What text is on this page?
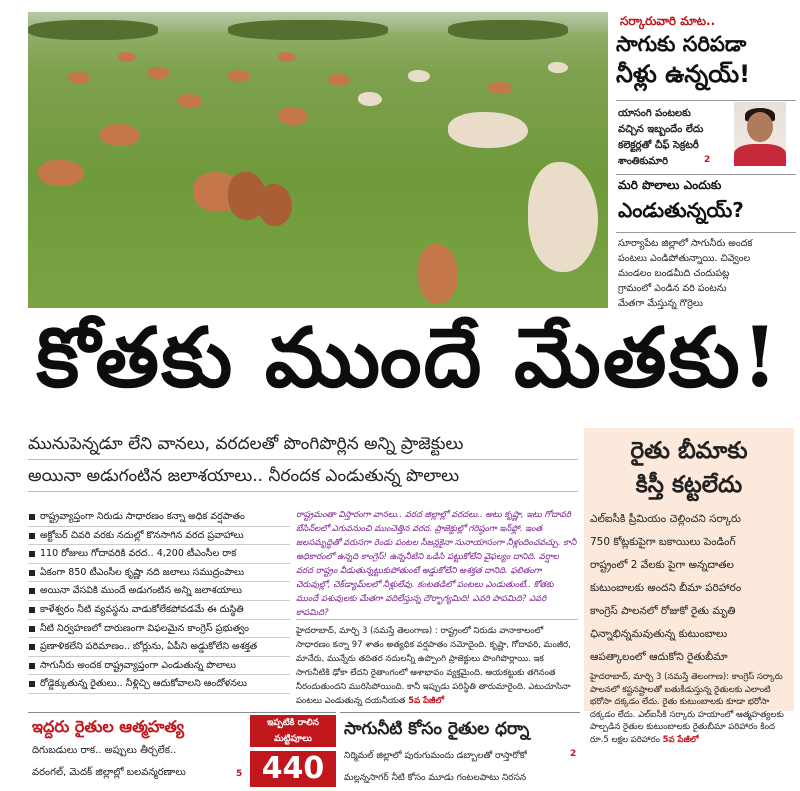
సర్కారువారి మాట..
సాగుకు సరిపడా
నీళ్లు ఉన్నయ్!
యాసంగి పంటలకు
వచ్చిన ఇబ్బందేం లేదు
కలెక్టర్లతో చీఫ్ సెక్రటరీ
శాంతికుమారి	2
మరి పొలాలు ఎందుకు
ఎండుతున్నయ్?
సూర్యాపేట జిల్లాలో సాగునీరు అందక
పంటలు ఎండిపోతున్నాయి. చివ్వెంల
మండలం బండమీది చందుపట్ల
గ్రామంలో ఎండిన వరి పంటను
మేతగా మేస్తున్న గొర్రెలు
కోతకు ముందే మేతకు!
మునుపెన్నడూ లేని వానలు, వరదలతో పొంగిపొర్లిన అన్ని ప్రాజెక్టులు
అయినా అడుగంటిన జలాశయాలు.. నీరందక ఎండుతున్న పొలాలు
రైతు బీమాకు
కిస్తీ కట్టలేదు
ఎల్ఐసీకి ప్రీమియం చెల్లించని సర్కారు
750 కోట్లకుపైగా బకాయిలు పెండింగ్
రాష్ట్రంలో 2 వేలకు పైగా అన్నదాతల
కుటుంబాలకు అందని బీమా పరిహారం
కాంగ్రెస్ పాలనలో రోజుకో రైతు మృతి
ఛిన్నాభిన్నమవుతున్న కుటుంబాలు
ఆపత్కాలంలో ఆదుకోని రైతుబీమా
హైదరాబాద్, మార్చి 3 (నమస్తే తెలంగాణ): కాంగ్రెస్ సర్కారు పాలనలో కష్టనష్టాలతో బతుకీడుస్తున్న రైతులకు ఎలాంటి భరోసా దక్కడం లేదు. రైతు కుటుంబాలకు కూడా భరోసా దక్కడం లేదు. ఎల్ఐసీకి సర్కారు హయాంలో ఆత్మహత్యలకు పాల్పడిన రైతుల కుటుంబాలకు రైతుబీమా పరిహారం కింద రూ.5 లక్షల పరిహారం 5వ పేజీలో
రాష్ట్రవ్యాప్తంగా నిరుడు సాధారణం కన్నా అధిక వర్షపాతం
అక్టోబర్ చివరి వరకు నదుల్లో కొనసాగిన వరద ప్రవాహాలు
110 రోజులు గోదావరికి వరద.. 4,200 టీఎంసీల రాక
ఏకంగా 850 టీఎంసీల కృష్ణా నది జలాలు సముద్రంపాలు
అయినా వేసవికి ముందే అడుగంటిన అన్ని జలాశయాలు
కాళేశ్వరం నీటి వ్యవస్థను వాడుకోలేకపోవడమే ఈ దుస్థితి
నీటి నిర్వహణలో దారుణంగా విఫలమైన కాంగ్రెస్ ప్రభుత్వం
ప్రణాళికలేని పరిమాణం.. బోర్లును, ఏపీని అడ్డుకోలేని అశక్తత
సాగునీరు అందక రాష్ట్రవ్యాప్తంగా ఎండుతున్న పొలాలు
రోడ్డెక్కుతున్న రైతులు.. నీళ్లిచ్చి ఆదుకోవాలని ఆందోళనలు
రాష్ట్రమంతా విస్తారంగా వానలు.. వరద జిల్లాల్లో వరదలు.. అటు కృష్ణా, ఇటు గోదావరి బేసిన్‌లలో ఎగువనుంచి ముంచెత్తిన వరద. ప్రాజెక్టుల్లో గరిష్ఠంగా ఇన్‌ఫ్లో. ఇంత జలసమృద్ధితో వరుసగా రెండు పంటల సీజన్లకైనా సునాయాసంగా నీళ్లందించవచ్చు. కానీ అధికారంలో ఉన్నది కాంగ్రెస్! ఉన్ననీటిని ఒడిసి పట్టుకోలేని వైఫల్యం దానిది. వర్షాల వరద రాష్ట్రం వీడుతున్నట్టుకుపోతుంటే అడ్డుకోలేని అశక్తత దానిది. ఫలితంగా చెరువుల్లో, చెక్‌డ్యామ్‌లలో నీళ్లులేవు. కంటతడిలో పంటలు ఎండుతుంటే.. కోతకు ముందే పశువులకు మేతగా వదిలేస్తున్న దౌర్భాగ్యమిది! ఎవరి పాపమిది? ఎవరి కాపమిది?
హైదరాబాద్, మార్చి 3 (నమస్తే తెలంగాణ) : రాష్ట్రంలో నిరుడు వానాకాలంలో సాధారణం కన్నా 97 శాతం అత్యధిక వర్షపాతం నమోదైంది. కృష్ణా, గోదావరి, మంజీర, మానేరు, మున్నేరు తదితర నదులన్నీ ఉప్పొంగి ప్రాజెక్టులు పొంగిపొర్లాయి. ఇక సాగునీటికి ఢోకా లేదని రైతాంగంలో ఆశాభావం వ్యక్తమైంది. ఆయకట్టుకు తగినంత నీరందుతుందని మురిసిపోయింది. కానీ ఇప్పుడు పరిస్థితి తారుమారైంది. ఎటుచూసినా పంటలు ఎండుతున్న దయనీయత 5వ పేజీలో
ఇద్దరు రైతుల ఆత్మహత్య
దిగుబడులు రాక.. అప్పులు తీర్చలేక..
వరంగల్, మెదక్ జిల్లాల్లో బలవన్మరణాలు	5
ఇప్పటికి రాలిన
మట్టిపూలు
440
సాగునీటి కోసం రైతుల ధర్నా
నిర్మిమల్ జిల్లాలో పురుగుమందు డబ్బాలతో రాస్తారోకో
మల్లన్నసాగర్ నీటి కోసం మూడు గంటలపాటు నిరసన
2
